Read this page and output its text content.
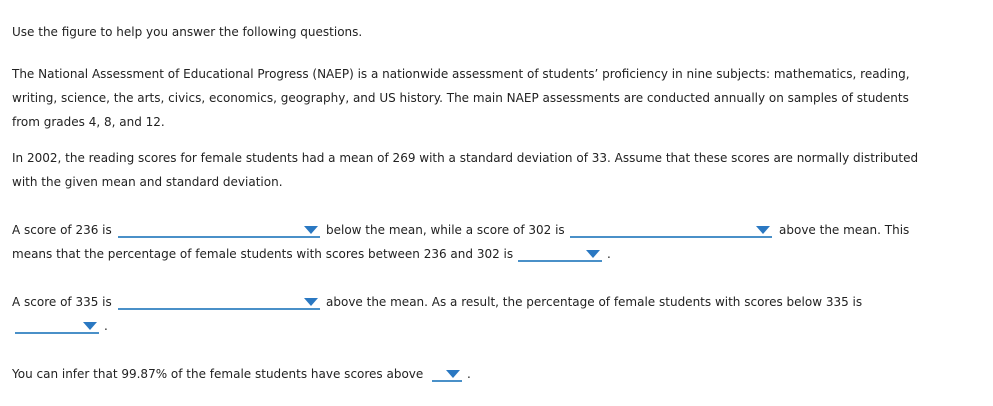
Use the figure to help you answer the following questions.
The National Assessment of Educational Progress (NAEP) is a nationwide assessment of students’ proficiency in nine subjects: mathematics, reading,
writing, science, the arts, civics, economics, geography, and US history. The main NAEP assessments are conducted annually on samples of students
from grades 4, 8, and 12.
In 2002, the reading scores for female students had a mean of 269 with a standard deviation of 33. Assume that these scores are normally distributed
with the given mean and standard deviation.
A score of 236 is	below the mean, while a score of 302 is	above the mean. This
means that the percentage of female students with scores between 236 and 302 is	.
A score of 335 is	above the mean. As a result, the percentage of female students with scores below 335 is
.
You can infer that 99.87% of the female students have scores above	.
